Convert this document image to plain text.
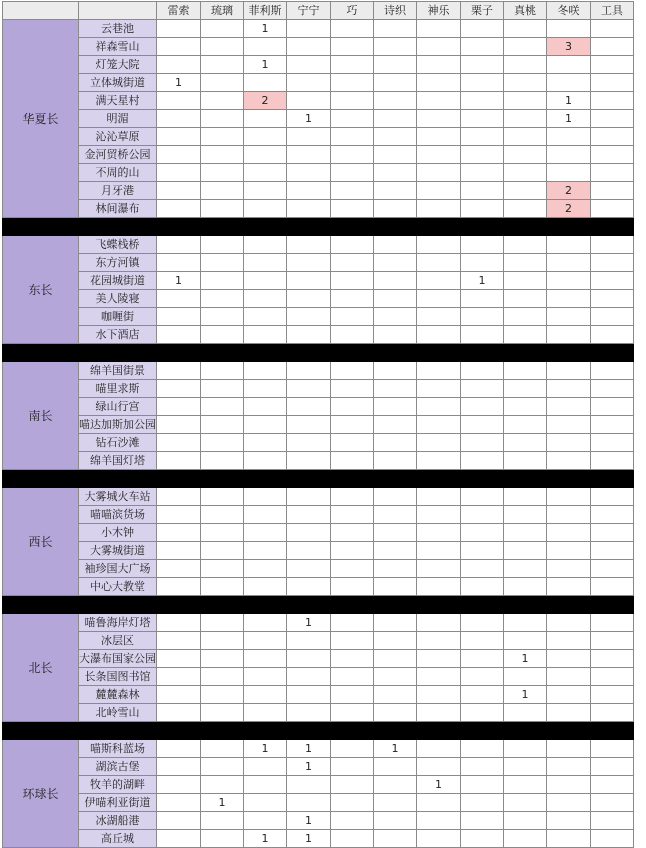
		雷索	琉璃	菲利斯	宁宁	巧	诗织	神乐	栗子	真桃	冬咲	工具
华夏长	云巷池			1								
	祥森雪山										3	
	灯笼大院			1								
	立体城街道	1										
	满天星村			2							1	
	明湄				1						1	
	沁沁草原											
	金河贸桥公园											
	不周的山											
	月牙港										2	
	林间瀑布										2	

东长	飞蝶栈桥											
	东方河镇											
	花园城街道	1							1			
	美人陵寝											
	咖喱街											
	水下酒店											

南长	绵羊国街景											
	喵里求斯											
	绿山行宫											
	喵达加斯加公园											
	钻石沙滩											
	绵羊国灯塔											

西长	大雾城火车站											
	喵喵滨货场											
	小木钟											
	大雾城街道											
	袖珍国大广场											
	中心大教堂											

北长	喵鲁海岸灯塔				1							
	冰层区											
	大瀑布国家公园									1		
	长条国图书馆											
	麓麓森林									1		
	北岭雪山											

环球长	喵斯科蓝场			1	1		1					
	湖滨古堡				1							
	牧羊的湖畔							1				
	伊喵利亚街道		1									
	冰湖船港				1							
	高丘城			1	1							
